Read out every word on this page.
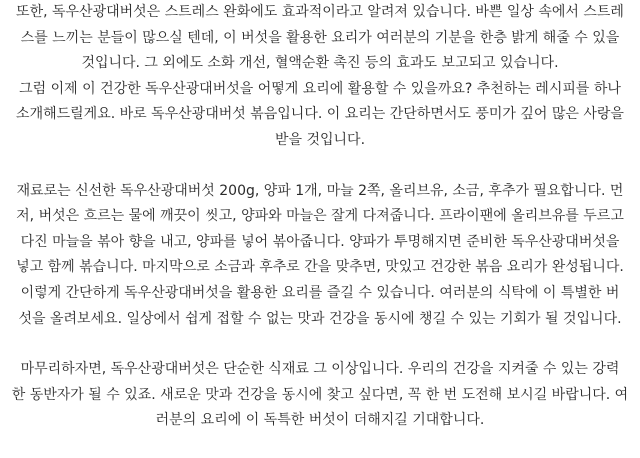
또한, 독우산광대버섯은 스트레스 완화에도 효과적이라고 알려져 있습니다. 바쁜 일상 속에서 스트레
스를 느끼는 분들이 많으실 텐데, 이 버섯을 활용한 요리가 여러분의 기분을 한층 밝게 해줄 수 있을
것입니다. 그 외에도 소화 개선, 혈액순환 촉진 등의 효과도 보고되고 있습니다.

그럼 이제 이 건강한 독우산광대버섯을 어떻게 요리에 활용할 수 있을까요? 추천하는 레시피를 하나
소개해드릴게요. 바로 독우산광대버섯 볶음입니다. 이 요리는 간단하면서도 풍미가 깊어 많은 사랑을
받을 것입니다.

재료로는 신선한 독우산광대버섯 200g, 양파 1개, 마늘 2쪽, 올리브유, 소금, 후추가 필요합니다. 먼
저, 버섯은 흐르는 물에 깨끗이 씻고, 양파와 마늘은 잘게 다져줍니다. 프라이팬에 올리브유를 두르고
다진 마늘을 볶아 향을 내고, 양파를 넣어 볶아줍니다. 양파가 투명해지면 준비한 독우산광대버섯을
넣고 함께 볶습니다. 마지막으로 소금과 후추로 간을 맞추면, 맛있고 건강한 볶음 요리가 완성됩니다.
이렇게 간단하게 독우산광대버섯을 활용한 요리를 즐길 수 있습니다. 여러분의 식탁에 이 특별한 버
섯을 올려보세요. 일상에서 쉽게 접할 수 없는 맛과 건강을 동시에 챙길 수 있는 기회가 될 것입니다.

마무리하자면, 독우산광대버섯은 단순한 식재료 그 이상입니다. 우리의 건강을 지켜줄 수 있는 강력
한 동반자가 될 수 있죠. 새로운 맛과 건강을 동시에 찾고 싶다면, 꼭 한 번 도전해 보시길 바랍니다. 여
러분의 요리에 이 독특한 버섯이 더해지길 기대합니다.
